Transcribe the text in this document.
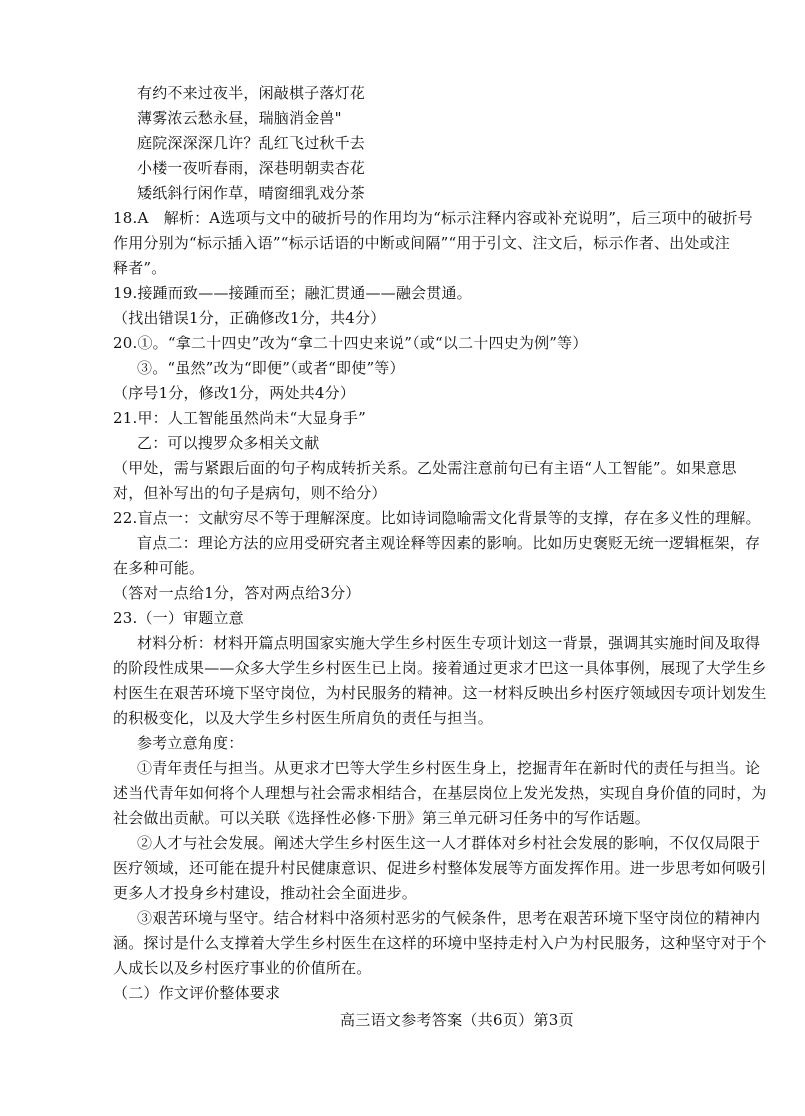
有约不来过夜半，闲敲棋子落灯花
薄雾浓云愁永昼，瑞脑消金兽"
庭院深深深几许？乱红飞过秋千去
小楼一夜听春雨，深巷明朝卖杏花
矮纸斜行闲作草，晴窗细乳戏分茶
18.A　解析：A选项与文中的破折号的作用均为“标示注释内容或补充说明”，后三项中的破折号
作用分别为“标示插入语”“标示话语的中断或间隔”“用于引文、注文后，标示作者、出处或注
释者”。
19.接踵而致——接踵而至；融汇贯通——融会贯通。
（找出错误1分，正确修改1分，共4分）
20.①。“拿二十四史”改为“拿二十四史来说”（或“以二十四史为例”等）
③。“虽然”改为“即便”（或者“即使”等）
（序号1分，修改1分，两处共4分）
21.甲：人工智能虽然尚未“大显身手”
乙：可以搜罗众多相关文献
（甲处，需与紧跟后面的句子构成转折关系。乙处需注意前句已有主语“人工智能”。如果意思
对，但补写出的句子是病句，则不给分）
22.盲点一：文献穷尽不等于理解深度。比如诗词隐喻需文化背景等的支撑，存在多义性的理解。
盲点二：理论方法的应用受研究者主观诠释等因素的影响。比如历史褒贬无统一逻辑框架，存
在多种可能。
（答对一点给1分，答对两点给3分）
23.（一）审题立意
材料分析：材料开篇点明国家实施大学生乡村医生专项计划这一背景，强调其实施时间及取得
的阶段性成果——众多大学生乡村医生已上岗。接着通过更求才巴这一具体事例，展现了大学生乡
村医生在艰苦环境下坚守岗位，为村民服务的精神。这一材料反映出乡村医疗领域因专项计划发生
的积极变化，以及大学生乡村医生所肩负的责任与担当。
参考立意角度：
①青年责任与担当。从更求才巴等大学生乡村医生身上，挖掘青年在新时代的责任与担当。论
述当代青年如何将个人理想与社会需求相结合，在基层岗位上发光发热，实现自身价值的同时，为
社会做出贡献。可以关联《选择性必修·下册》第三单元研习任务中的写作话题。
②人才与社会发展。阐述大学生乡村医生这一人才群体对乡村社会发展的影响，不仅仅局限于
医疗领域，还可能在提升村民健康意识、促进乡村整体发展等方面发挥作用。进一步思考如何吸引
更多人才投身乡村建设，推动社会全面进步。
③艰苦环境与坚守。结合材料中洛须村恶劣的气候条件，思考在艰苦环境下坚守岗位的精神内
涵。探讨是什么支撑着大学生乡村医生在这样的环境中坚持走村入户为村民服务，这种坚守对于个
人成长以及乡村医疗事业的价值所在。
（二）作文评价整体要求
高三语文参考答案（共6页）第3页
